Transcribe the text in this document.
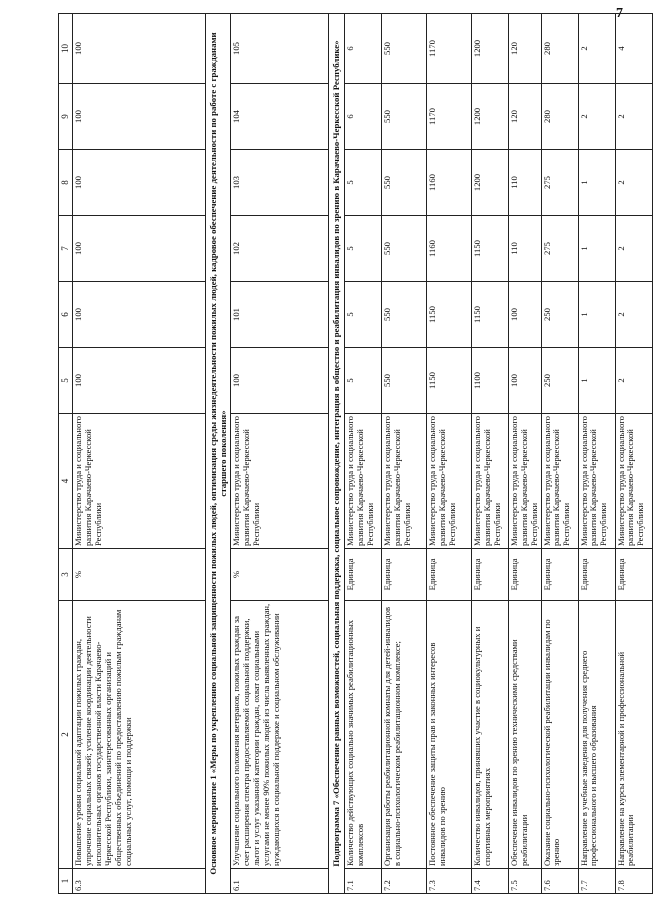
7
1	2	3	4	5	6	7	8	9	10
6.3	Повышение уровня социальной адаптации пожилых граждан, упрочение социальных связей; усиление координации деятельности исполнительных органов государственной власти Карачаево-Черкесской Республики, заинтересованных организаций и общественных объединений по предоставлению пожилым гражданам социальных услуг, помощи и поддержки	%	Министерство труда и социального развития Карачаево-Черкесской Республики	100	100	100	100	100	100
Основное мероприятие 1 «Меры по укреплению социальной защищенности пожилых людей, оптимизация среды жизнедеятельности пожилых людей, кадровое обеспечение деятельности по работе с гражданами старшего поколения»									
6.1	Улучшение социального положения ветеранов, пожилых граждан за счет расширения спектра предоставляемой социальной поддержки, льгот и услуг указанной категории граждан, охват социальными услугами не менее 90% пожилых людей из числа выявленных граждан, нуждающихся в социальной поддержке и социальном обслуживании	%	Министерство труда и социального развития Карачаево-Черкесской Республики	100	101	102	103	104	105
Подпрограмма 7 «Обеспечение равных возможностей, социальная поддержка, социальное сопровождение, интеграция в общество и реабилитация инвалидов по зрению в Карачаево-Черкесской Республике»									
7.1	Количество действующих социально значимых реабилитационных комплексов	Единица	Министерство труда и социального развития Карачаево-Черкесской Республики	5	5	5	5	6	6
7.2	Организация работы реабилитационной комнаты для детей-инвалидов в социально-психологическом реабилитационном комплексе;	Единица	Министерство труда и социального развития Карачаево-Черкесской Республики	550	550	550	550	550	550
7.3	Постоянное обеспечение защиты прав и законных интересов инвалидов по зрению	Единица	Министерство труда и социального развития Карачаево-Черкесской Республики	1150	1150	1160	1160	1170	1170
7.4	Количество инвалидов, принявших участие в социокультурных и спортивных мероприятиях	Единица	Министерство труда и социального развития Карачаево-Черкесской Республики	1100	1150	1150	1200	1200	1200
7.5	Обеспечение инвалидов по зрению техническими средствами реабилитации	Единица	Министерство труда и социального развития Карачаево-Черкесской Республики	100	100	110	110	120	120
7.6	Оказание социально-психологической реабилитации инвалидам по зрению	Единица	Министерство труда и социального развития Карачаево-Черкесской Республики	250	250	275	275	280	280
7.7	Направление в учебные заведения для получения среднего профессионального и высшего образования	Единица	Министерство труда и социального развития Карачаево-Черкесской Республики	1	1	1	1	2	2
7.8	Направление на курсы элементарной и профессиональной реабилитации	Единица	Министерство труда и социального развития Карачаево-Черкесской Республики	2	2	2	2	2	4
